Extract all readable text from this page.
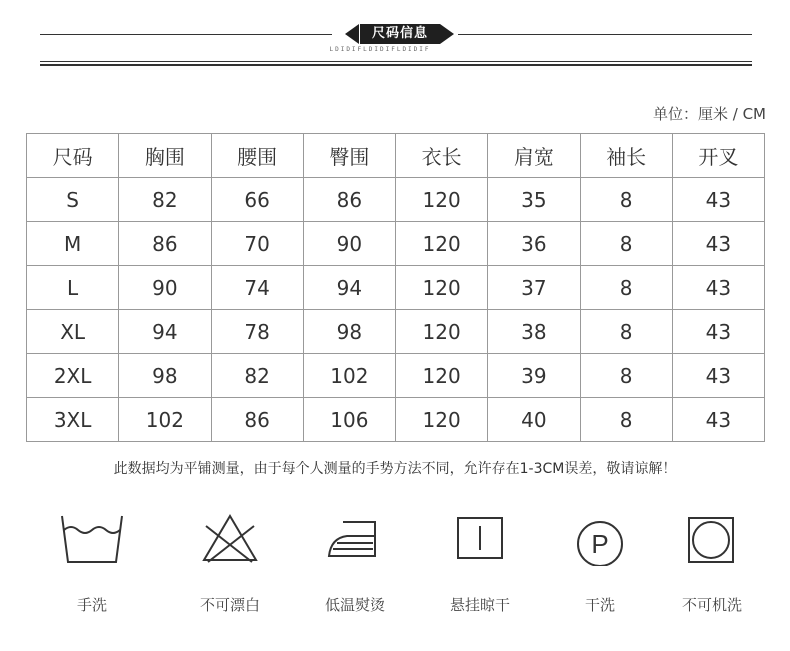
尺码信息
LDIDIFLDIDIFLDIDIF
单位：厘米 / CM
尺码	胸围	腰围	臀围	衣长	肩宽	袖长	开叉
S	82	66	86	120	35	8	43
M	86	70	90	120	36	8	43
L	90	74	94	120	37	8	43
XL	94	78	98	120	38	8	43
2XL	98	82	102	120	39	8	43
3XL	102	86	106	120	40	8	43
此数据均为平铺测量，由于每个人测量的手势方法不同，允许存在1-3CM误差，敬请谅解！
手洗	不可漂白	低温熨烫	悬挂晾干
P
干洗	不可机洗
